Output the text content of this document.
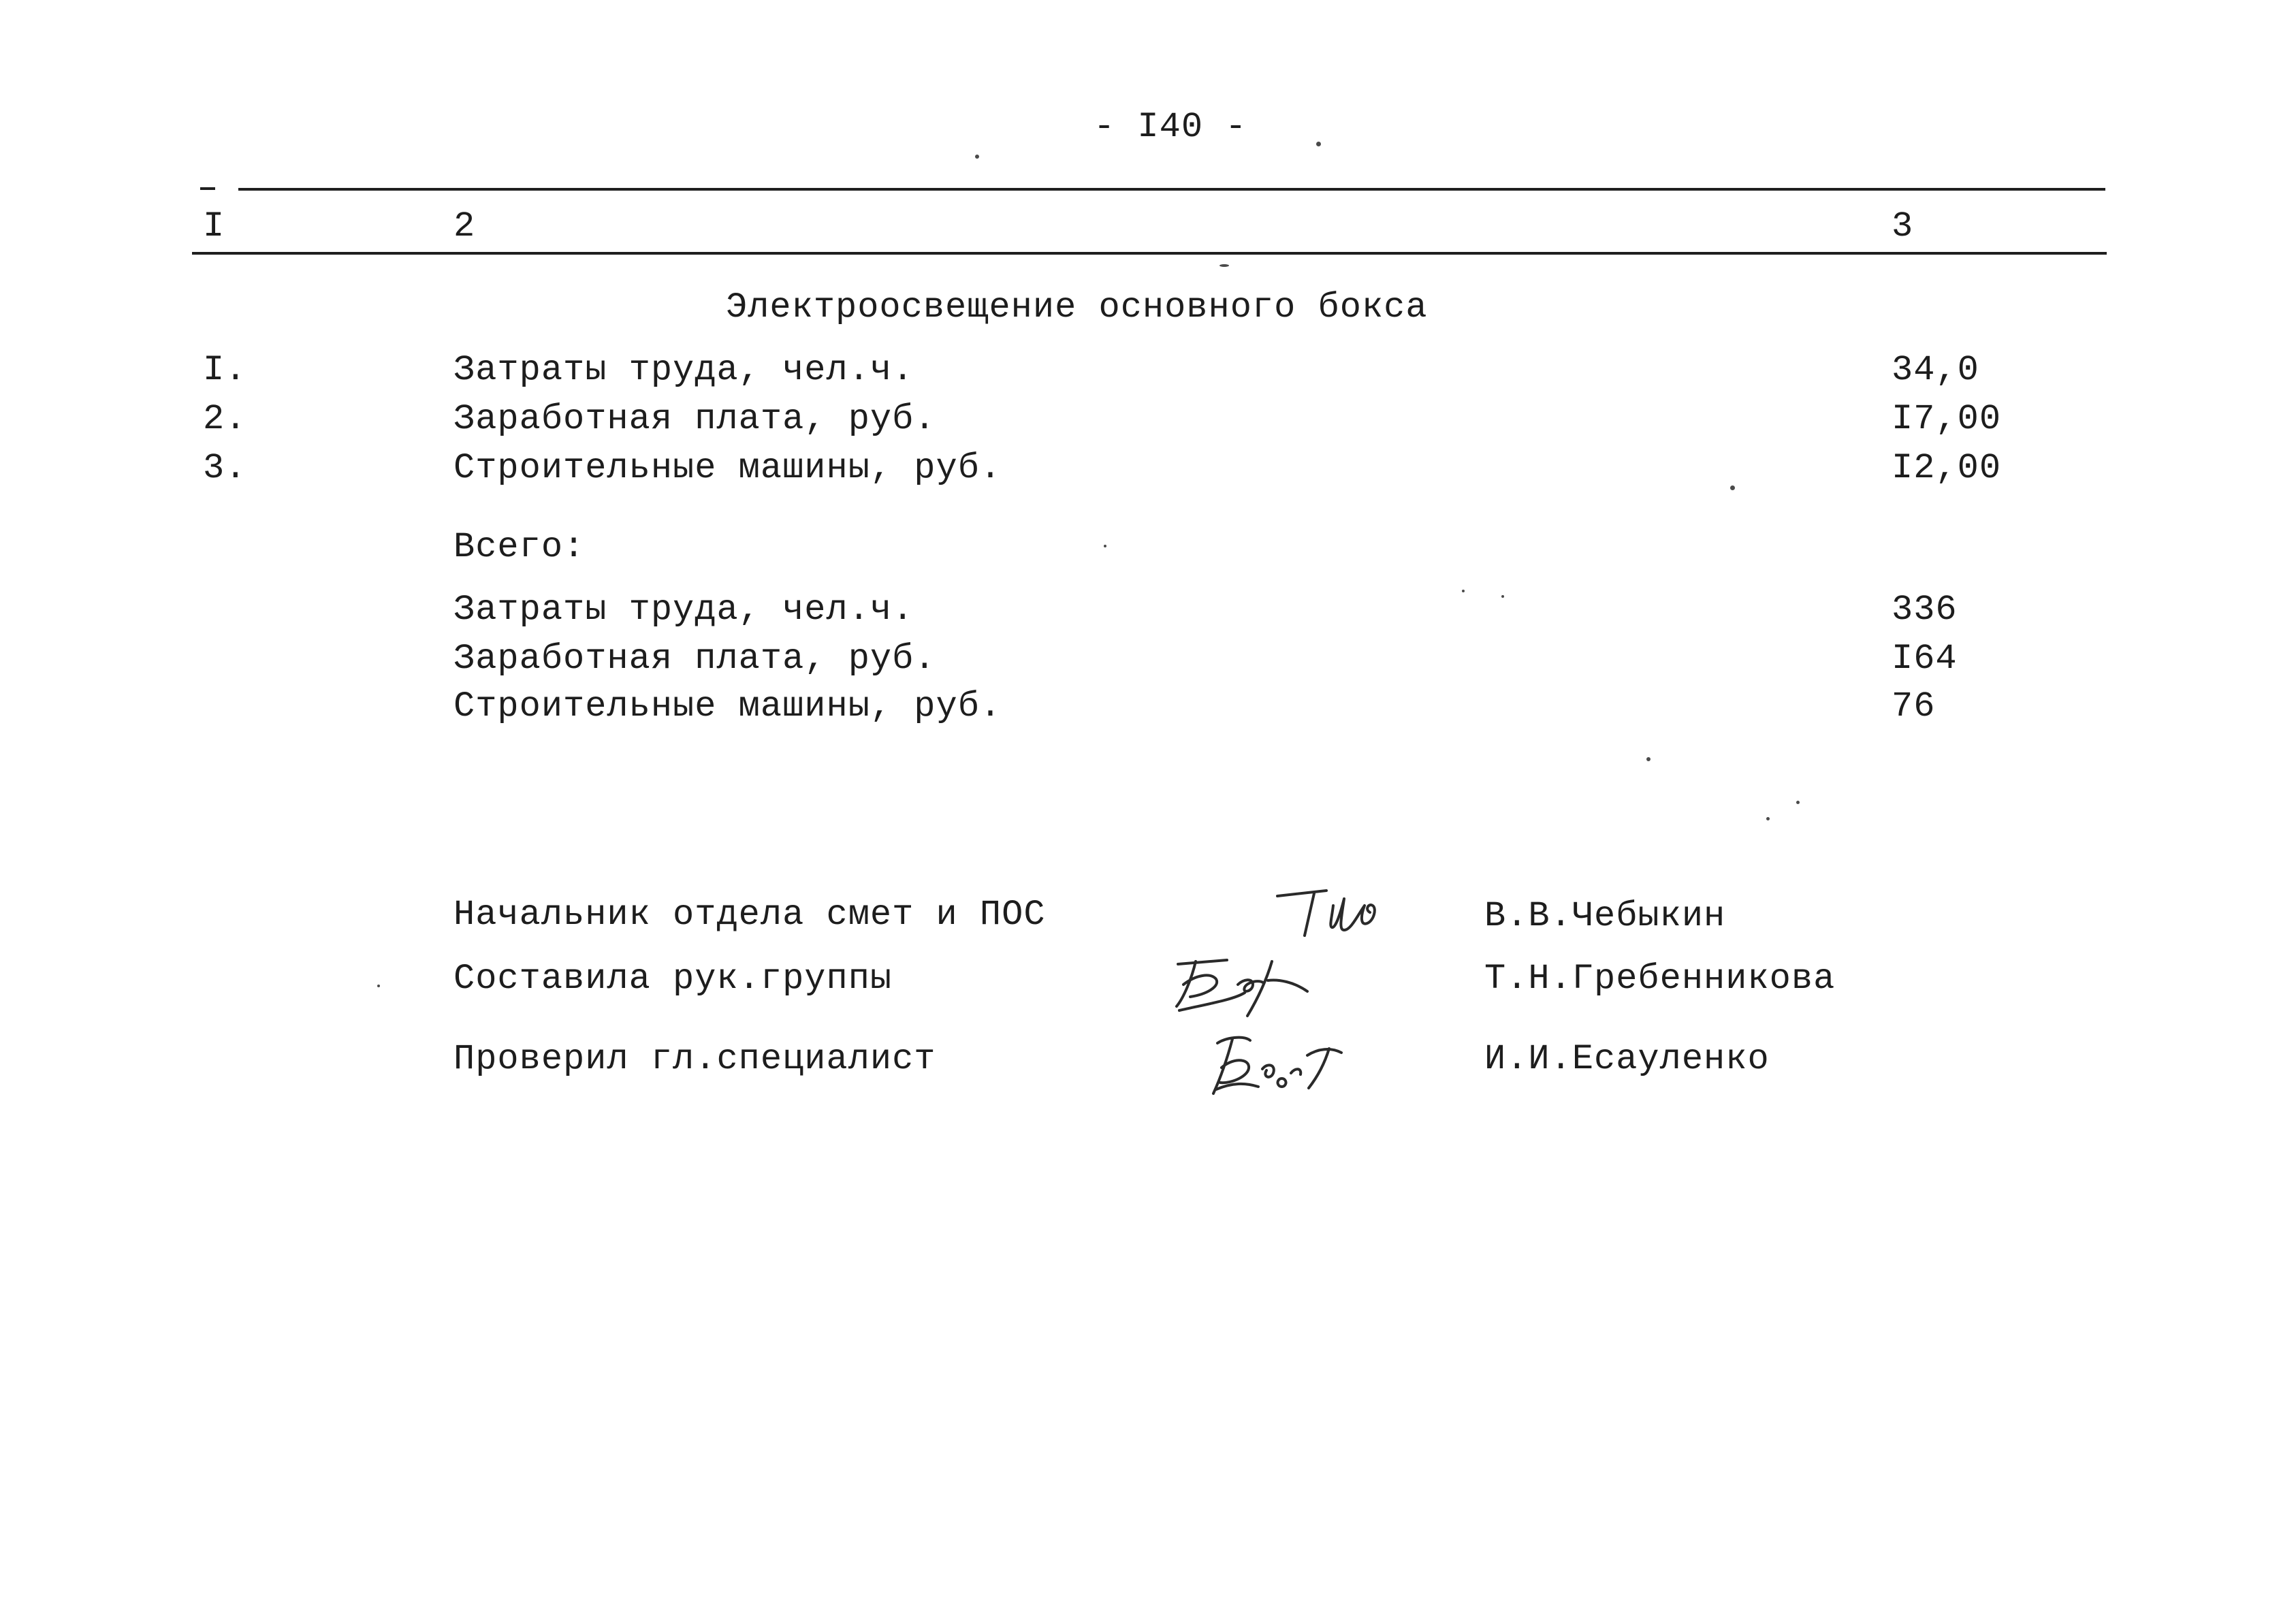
- I40 -
I	2	3
Электроосвещение основного бокса
I.	Затраты труда, чел.ч.	34,0
2.	Заработная плата, руб.	I7,00
3.	Строительные машины, руб.	I2,00
Всего:
Затраты труда, чел.ч.	336
Заработная плата, руб.	I64
Строительные машины, руб.	76
Начальник отдела смет и ПОС	В.В.Чебыкин
Составила рук.группы	Т.Н.Гребенникова
Проверил гл.специалист	И.И.Есауленко
